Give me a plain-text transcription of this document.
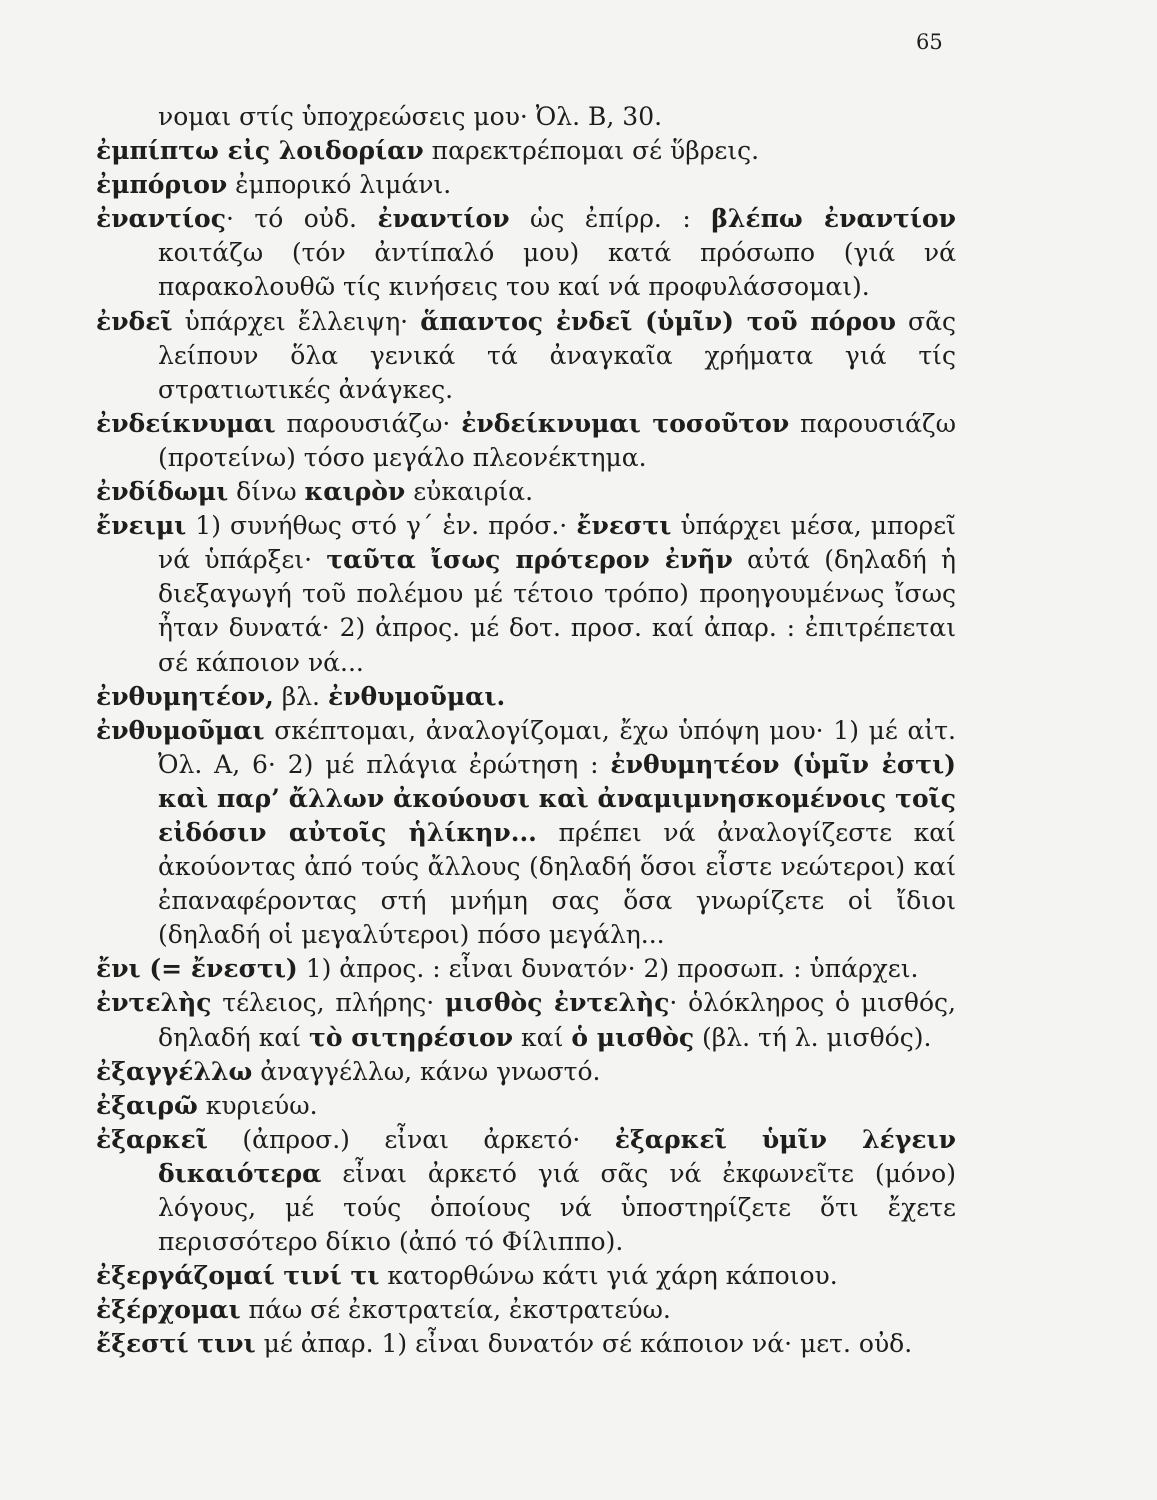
65

νομαι στίς ὑποχρεώσεις μου· Ὀλ. Β, 30.

ἐμπίπτω εἰς λοιδορίαν παρεκτρέπομαι σέ ὕβρεις.

ἐμπόριον ἐμπορικό λιμάνι.

ἐναντίος· τό οὐδ. ἐναντίον ὡς ἐπίρρ. : βλέπω ἐναντίον κοιτάζω (τόν ἀντίπαλό μου) κατά πρόσωπο (γιά νά παρακολουθῶ τίς κινήσεις του καί νά προφυλάσσομαι).

ἐνδεῖ ὑπάρχει ἔλλειψη· ἅπαντος ἐνδεῖ (ὑμῖν) τοῦ πόρου σᾶς λείπουν ὅλα γενικά τά ἀναγκαῖα χρήματα γιά τίς στρατιωτικές ἀνάγκες.

ἐνδείκνυμαι παρουσιάζω· ἐνδείκνυμαι τοσοῦτον παρουσιάζω (προτείνω) τόσο μεγάλο πλεονέκτημα.

ἐνδίδωμι δίνω καιρὸν εὐκαιρία.

ἔνειμι 1) συνήθως στό γ΄ ἑν. πρόσ.· ἔνεστι ὑπάρχει μέσα, μπορεῖ νά ὑπάρξει· ταῦτα ἴσως πρότερον ἐνῆν αὐτά (δηλαδή ἡ διεξαγωγή τοῦ πολέμου μέ τέτοιο τρόπο) προηγουμένως ἴσως ἦταν δυνατά· 2) ἀπρος. μέ δοτ. προσ. καί ἀπαρ. : ἐπιτρέπεται σέ κάποιον νά...

ἐνθυμητέον, βλ. ἐνθυμοῦμαι.

ἐνθυμοῦμαι σκέπτομαι, ἀναλογίζομαι, ἔχω ὑπόψη μου· 1) μέ αἰτ. Ὀλ. Α, 6· 2) μέ πλάγια ἐρώτηση : ἐνθυμητέον (ὑμῖν ἐστι) καὶ παρ’ ἄλλων ἀκούουσι καὶ ἀναμιμνησκομένοις τοῖς εἰδόσιν αὐτοῖς ἡλίκην... πρέπει νά ἀναλογίζεστε καί ἀκούοντας ἀπό τούς ἄλλους (δηλαδή ὅσοι εἶστε νεώτεροι) καί ἐπαναφέροντας στή μνήμη σας ὅσα γνωρίζετε οἱ ἴδιοι (δηλαδή οἱ μεγαλύτεροι) πόσο μεγάλη...

ἔνι (= ἔνεστι) 1) ἀπρος. : εἶναι δυνατόν· 2) προσωπ. : ὑπάρχει.

ἐντελὴς τέλειος, πλήρης· μισθὸς ἐντελὴς· ὁλόκληρος ὁ μισθός, δηλαδή καί τὸ σιτηρέσιον καί ὁ μισθὸς (βλ. τή λ. μισθός).

ἐξαγγέλλω ἀναγγέλλω, κάνω γνωστό.

ἐξαιρῶ κυριεύω.

ἐξαρκεῖ (ἀπροσ.) εἶναι ἀρκετό· ἐξαρκεῖ ὑμῖν λέγειν δικαιότερα εἶναι ἀρκετό γιά σᾶς νά ἐκφωνεῖτε (μόνο) λόγους, μέ τούς ὁποίους νά ὑποστηρίζετε ὅτι ἔχετε περισσότερο δίκιο (ἀπό τό Φίλιππο).

ἐξεργάζομαί τινί τι κατορθώνω κάτι γιά χάρη κάποιου.

ἐξέρχομαι πάω σέ ἐκστρατεία, ἐκστρατεύω.

ἔξεστί τινι μέ ἀπαρ. 1) εἶναι δυνατόν σέ κάποιον νά· μετ. οὐδ.
